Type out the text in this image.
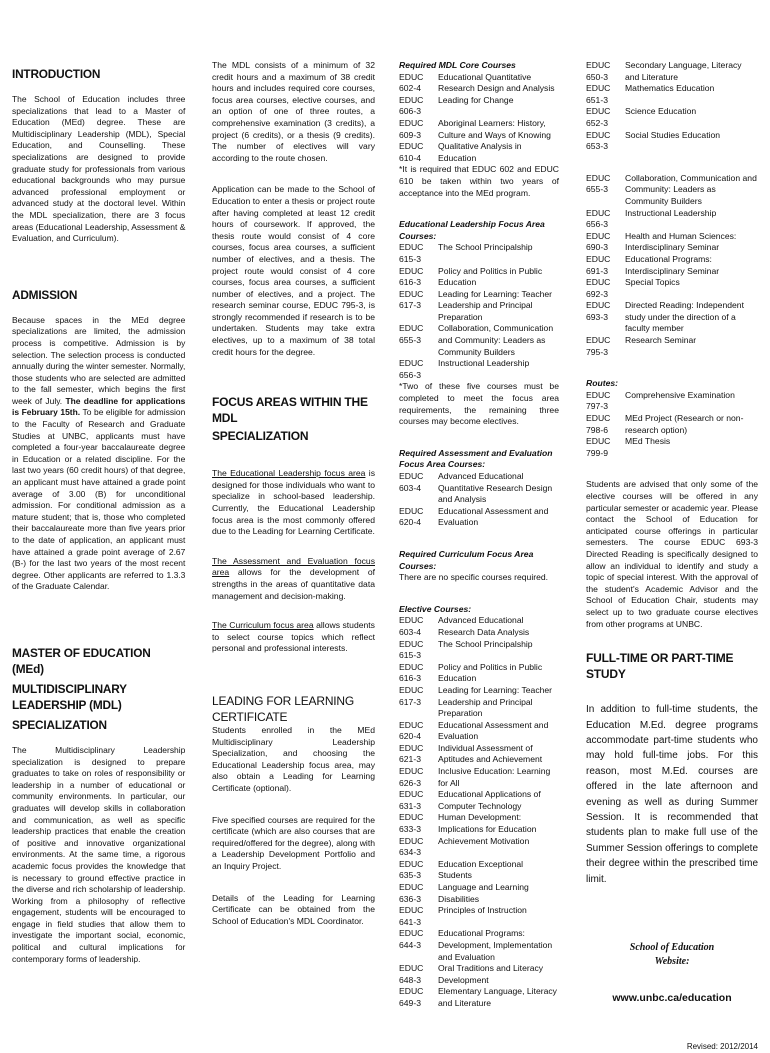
INTRODUCTION

The School of Education includes three specializations that lead to a Master of Education (MEd) degree. These are Multidisciplinary Leadership (MDL), Special Education, and Counselling. These specializations are designed to provide graduate study for professionals from various educational backgrounds who may pursue advanced professional employment or advanced study at the doctoral level. Within the MDL specialization, there are 3 focus areas (Educational Leadership, Assessment & Evaluation, and Curriculum).

ADMISSION

Because spaces in the MEd degree specializations are limited, the admission process is competitive. Admission is by selection. The selection process is conducted annually during the winter semester. Normally, those students who are selected are admitted to the fall semester, which begins the first week of July. The deadline for applications is February 15th. To be eligible for admission to the Faculty of Research and Graduate Studies at UNBC, applicants must have completed a four-year baccalaureate degree in Education or a related discipline. For the last two years (60 credit hours) of that degree, an applicant must have attained a grade point average of 3.00 (B) for unconditional admission. For conditional admission as a mature student; that is, those who completed their baccalaureate more than five years prior to the date of application, an applicant must have attained a grade point average of 2.67 (B-) for the last two years of the most recent degree. Other applicants are referred to 1.3.3 of the Graduate Calendar.

MASTER OF EDUCATION (MEd)
MULTIDISCIPLINARY LEADERSHIP (MDL)
SPECIALIZATION

The Multidisciplinary Leadership specialization is designed to prepare graduates to take on roles of responsibility or leadership in a number of educational or community environments. In particular, our graduates will develop skills in collaboration and communication, as well as specific leadership practices that enable the creation of positive and innovative organizational environments. At the same time, a rigorous academic focus provides the knowledge that is necessary to ground effective practice in the diverse and rich scholarship of leadership. Working from a philosophy of reflective engagement, students will be encouraged to engage in field studies that allow them to investigate the important social, economic, political and cultural implications for contemporary forms of leadership.

The MDL consists of a minimum of 32 credit hours and a maximum of 38 credit hours and includes required core courses, focus area courses, elective courses, and an option of one of three routes, a comprehensive examination (3 credits), a project (6 credits), or a thesis (9 credits). The number of electives will vary according to the route chosen.

Application can be made to the School of Education to enter a thesis or project route after having completed at least 12 credit hours of coursework. If approved, the thesis route would consist of 4 core courses, focus area courses, a sufficient number of electives, and a thesis. The project route would consist of 4 core courses, focus area courses, a sufficient number of electives, and a project. The research seminar course, EDUC 795-3, is strongly recommended if research is to be undertaken. Students may take extra electives, up to a maximum of 38 total credit hours for the degree.

FOCUS AREAS WITHIN THE MDL
SPECIALIZATION

The Educational Leadership focus area is designed for those individuals who want to specialize in school-based leadership. Currently, the Educational Leadership focus area is the most commonly offered due to the Leading for Learning Certificate.

The Assessment and Evaluation focus area allows for the development of strengths in the areas of quantitative data management and decision-making.

The Curriculum focus area allows students to select course topics which reflect personal and professional interests.

LEADING FOR LEARNING CERTIFICATE

Students enrolled in the MEd Multidisciplinary Leadership Specialization, and choosing the Educational Leadership focus area, may also obtain a Leading for Learning Certificate (optional).

Five specified courses are required for the certificate (which are also courses that are required/offered for the degree), along with a Leadership Development Portfolio and an Inquiry Project.

Details of the Leading for Learning Certificate can be obtained from the School of Education's MDL Coordinator.

Required MDL Core Courses
EDUC 602-4
Educational Quantitative Research Design and Analysis
EDUC 606-3
Leading for Change
EDUC 609-3
Aboriginal Learners: History, Culture and Ways of Knowing
EDUC 610-4
Qualitative Analysis in Education

*It is required that EDUC 602 and EDUC 610 be taken within two years of acceptance into the MEd program.

Educational Leadership Focus Area Courses:
EDUC 615-3
The School Principalship
EDUC 616-3
Policy and Politics in Public Education
EDUC 617-3
Leading for Learning: Teacher Leadership and Principal Preparation
EDUC 655-3
Collaboration, Communication and Community: Leaders as Community Builders
EDUC 656-3
Instructional Leadership

*Two of these five courses must be completed to meet the focus area requirements, the remaining three courses may become electives.

Required Assessment and Evaluation Focus Area Courses:
EDUC 603-4
Advanced Educational Quantitative Research Design and Analysis
EDUC 620-4
Educational Assessment and Evaluation
Required Curriculum Focus Area Courses:

There are no specific courses required.

Elective Courses:
EDUC 603-4
Advanced Educational Research Data Analysis
EDUC 615-3
The School Principalship
EDUC 616-3
Policy and Politics in Public Education
EDUC 617-3
Leading for Learning: Teacher Leadership and Principal Preparation
EDUC 620-4
Educational Assessment and Evaluation
EDUC 621-3
Individual Assessment of Aptitudes and Achievement
EDUC 626-3
Inclusive Education: Learning for All
EDUC 631-3
Educational Applications of Computer Technology
EDUC 633-3
Human Development: Implications for Education
EDUC 634-3
Achievement Motivation
EDUC 635-3
Education Exceptional Students
EDUC 636-3
Language and Learning Disabilities
EDUC 641-3
Principles of Instruction
EDUC 644-3
Educational Programs: Development, Implementation and Evaluation
EDUC 648-3
Oral Traditions and Literacy Development
EDUC 649-3
Elementary Language, Literacy and Literature
EDUC 650-3
Secondary Language, Literacy and Literature
EDUC 651-3
Mathematics Education
EDUC 652-3
Science Education
EDUC 653-3
Social Studies Education
EDUC 655-3
Collaboration, Communication and Community: Leaders as Community Builders
EDUC 656-3
Instructional Leadership
EDUC 690-3
Health and Human Sciences: Interdisciplinary Seminar
EDUC 691-3
Educational Programs: Interdisciplinary Seminar
EDUC 692-3
Special Topics
EDUC 693-3
Directed Reading: Independent study under the direction of a faculty member
EDUC 795-3
Research Seminar
Routes:
EDUC 797-3
Comprehensive Examination
EDUC 798-6
MEd Project (Research or non-research option)
EDUC 799-9
MEd Thesis

Students are advised that only some of the elective courses will be offered in any particular semester or academic year. Please contact the School of Education for anticipated course offerings in particular semesters. The course EDUC 693-3 Directed Reading is specifically designed to allow an individual to identify and study a topic of special interest. With the approval of the student's Academic Advisor and the School of Education Chair, students may select up to two graduate course electives from other programs at UNBC.

FULL-TIME OR PART-TIME STUDY

In addition to full-time students, the Education M.Ed. degree programs accommodate part-time students who may hold full-time jobs. For this reason, most M.Ed. courses are offered in the late afternoon and evening as well as during Summer Session. It is recommended that students plan to make full use of the Summer Session offerings to complete their degree within the prescribed time limit.

School of Education
Website:
www.unbc.ca/education
Revised: 2012/2014
